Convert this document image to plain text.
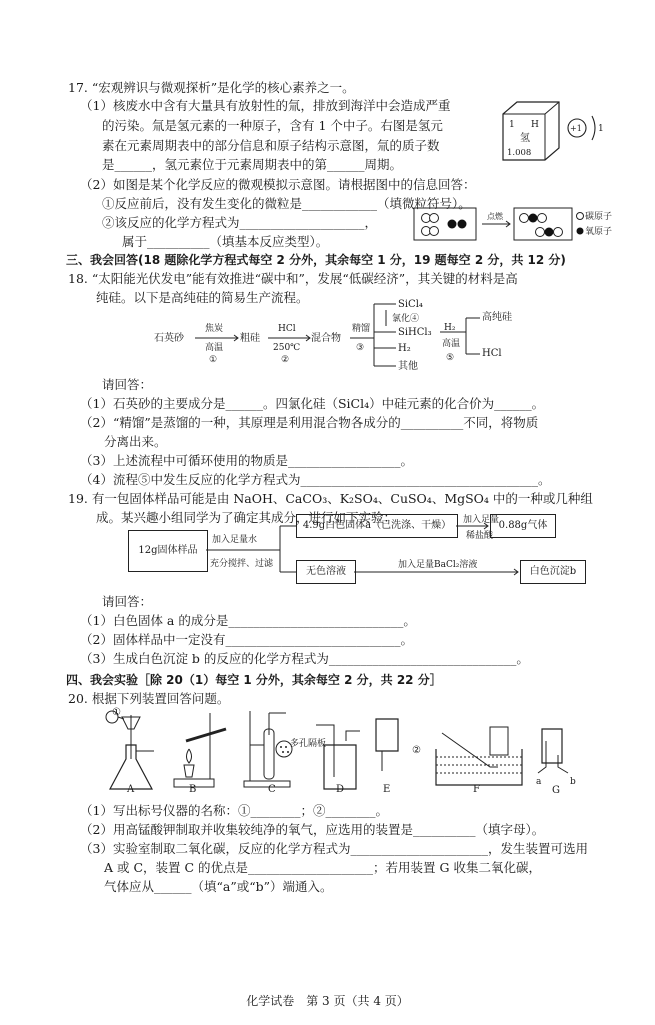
17. “宏观辨识与微观探析”是化学的核心素养之一。
（1）核废水中含有大量具有放射性的氚，排放到海洋中会造成严重
的污染。氚是氢元素的一种原子，含有 1 个中子。右图是氢元
素在元素周期表中的部分信息和原子结构示意图，氚的质子数
是______，氢元素位于元素周期表中的第______周期。
1 H
氢
1.008
+1 1
（2）如图是某个化学反应的微观模拟示意图。请根据图中的信息回答：
①反应前后，没有发生变化的微粒是____________（填微粒符号）。
②该反应的化学方程式为____________________，
属于__________（填基本反应类型）。
点燃	碳原子
氧原子
三、我会回答(18 题除化学方程式每空 2 分外，其余每空 1 分，19 题每空 2 分，共 12 分)
18. “太阳能光伏发电”能有效推进“碳中和”，发展“低碳经济”，其关键的材料是高
纯硅。以下是高纯硅的简易生产流程。
石英砂
焦炭
高温
①
粗硅
HCl
250℃
②
混合物
精馏
③
SiCl₄
氯化④
SiHCl₃
H₂
其他
H₂
高温
⑤
高纯硅
HCl
请回答：
（1）石英砂的主要成分是______。四氯化硅（SiCl₄）中硅元素的化合价为______。
（2）“精馏”是蒸馏的一种，其原理是利用混合物各成分的__________不同，将物质
分离出来。
（3）上述流程中可循环使用的物质是__________________。
（4）流程⑤中发生反应的化学方程式为______________________________________。
19. 有一包固体样品可能是由 NaOH、CaCO₃、K₂SO₄、CuSO₄、MgSO₄ 中的一种或几种组
成。某兴趣小组同学为了确定其成分，进行如下实验：
12g固体样品
加入足量水
充分搅拌、过滤
4.9g白色固体a（已洗涤、干燥）	加入足量
稀盐酸
0.88g气体
无色溶液
加入足量BaCl₂溶液
白色沉淀b
请回答：
（1）白色固体 a 的成分是____________________________。
（2）固体样品中一定没有____________________________。
（3）生成白色沉淀 b 的反应的化学方程式为______________________________。
四、我会实验［除 20（1）每空 1 分外，其余每空 2 分，共 22 分］
20. 根据下列装置回答问题。
①
②
多孔隔板
A	B	C	D	E	F	G
a	b
（1）写出标号仪器的名称：①________；②________。
（2）用高锰酸钾制取并收集较纯净的氧气，应选用的装置是__________（填字母）。
（3）实验室制取二氧化碳，反应的化学方程式为______________________，发生装置可选用
A 或 C，装置 C 的优点是____________________；若用装置 G 收集二氧化碳，
气体应从______（填“a”或“b”）端通入。
化学试卷　第 3 页（共 4 页）
